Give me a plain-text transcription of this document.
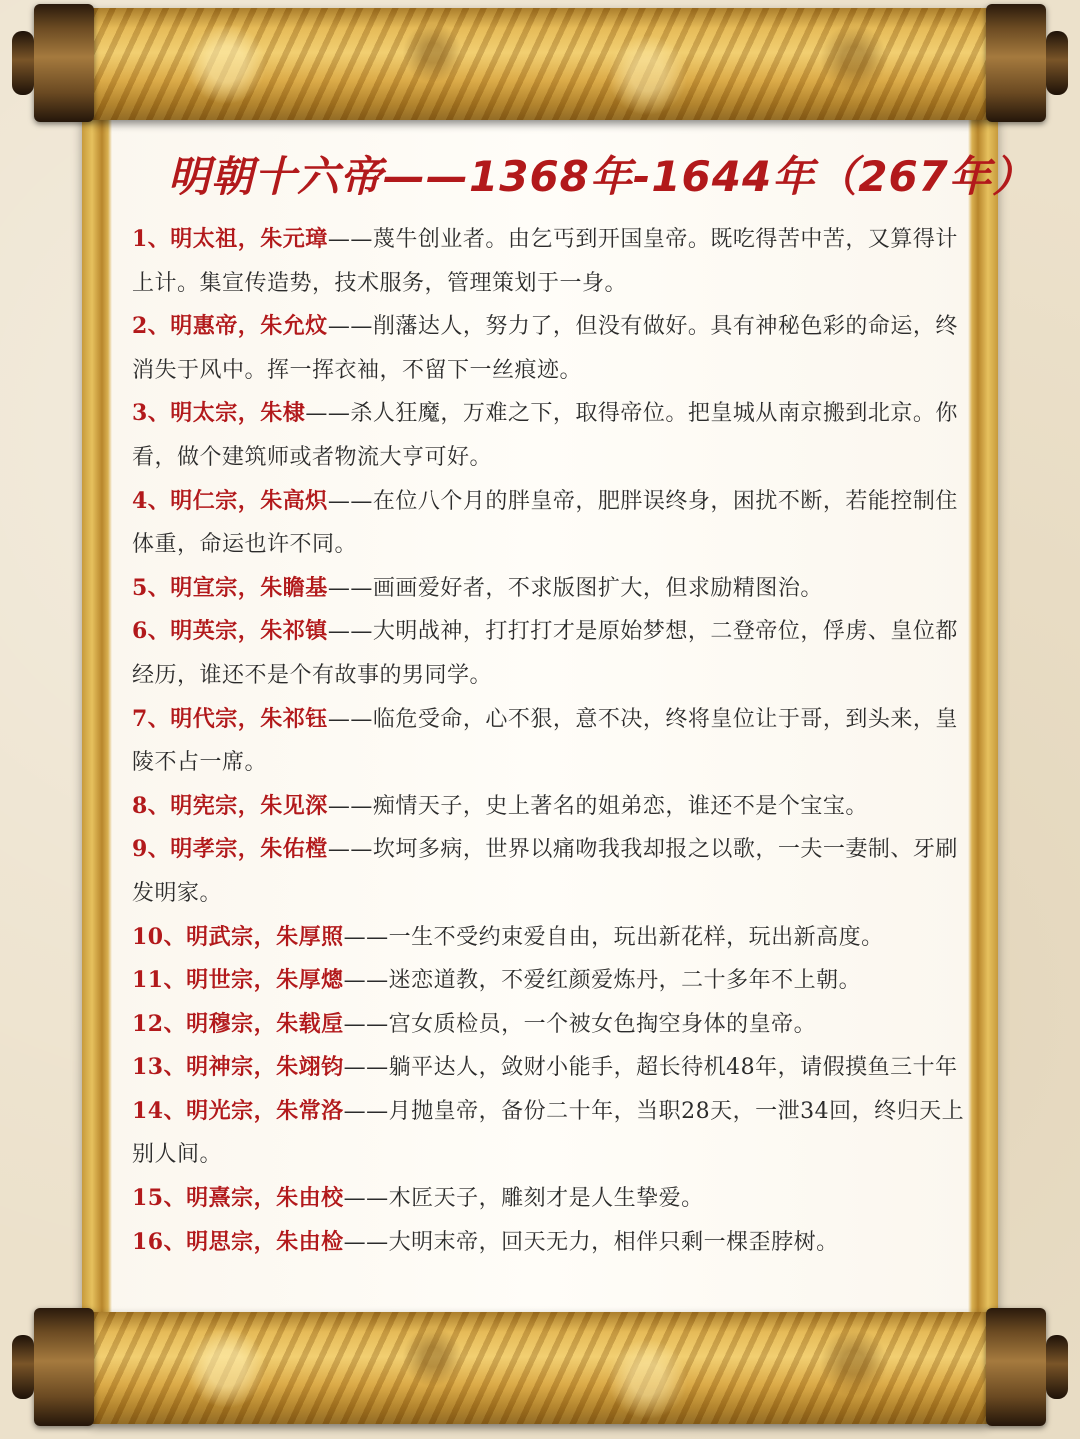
明朝十六帝——1368年-1644年（267年）
1、明太祖，朱元璋——蔑牛创业者。由乞丐到开国皇帝。既吃得苦中苦，又算得计上计。集宣传造势，技术服务，管理策划于一身。
2、明惠帝，朱允炆——削藩达人，努力了，但没有做好。具有神秘色彩的命运，终消失于风中。挥一挥衣袖，不留下一丝痕迹。
3、明太宗，朱棣——杀人狂魔，万难之下，取得帝位。把皇城从南京搬到北京。你看，做个建筑师或者物流大亨可好。
4、明仁宗，朱高炽——在位八个月的胖皇帝，肥胖误终身，困扰不断，若能控制住体重，命运也许不同。
5、明宣宗，朱瞻基——画画爱好者，不求版图扩大，但求励精图治。
6、明英宗，朱祁镇——大明战神，打打打才是原始梦想，二登帝位，俘虏、皇位都经历，谁还不是个有故事的男同学。
7、明代宗，朱祁钰——临危受命，心不狠，意不决，终将皇位让于哥，到头来，皇陵不占一席。
8、明宪宗，朱见深——痴情天子，史上著名的姐弟恋，谁还不是个宝宝。
9、明孝宗，朱佑樘——坎坷多病，世界以痛吻我我却报之以歌，一夫一妻制、牙刷发明家。
10、明武宗，朱厚照——一生不受约束爱自由，玩出新花样，玩出新高度。
11、明世宗，朱厚熜——迷恋道教，不爱红颜爱炼丹，二十多年不上朝。
12、明穆宗，朱载垕——宫女质检员，一个被女色掏空身体的皇帝。
13、明神宗，朱翊钧——躺平达人，敛财小能手，超长待机48年，请假摸鱼三十年
14、明光宗，朱常洛——月抛皇帝，备份二十年，当职28天，一泄34回，终归天上别人间。
15、明熹宗，朱由校——木匠天子，雕刻才是人生挚爱。
16、明思宗，朱由检——大明末帝，回天无力，相伴只剩一棵歪脖树。
